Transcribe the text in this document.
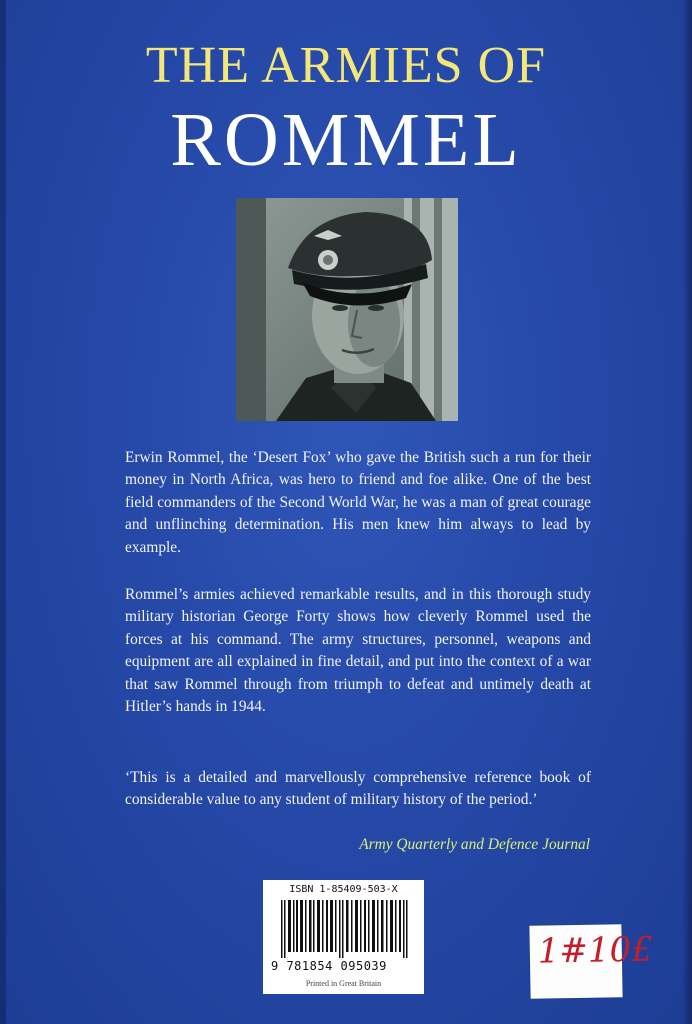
THE ARMIES OF
ROMMEL
Erwin Rommel, the ‘Desert Fox’ who gave the British such a run for their money in North Africa, was hero to friend and foe alike. One of the best field commanders of the Second World War, he was a man of great courage and unflinching determination. His men knew him always to lead by example.
Rommel’s armies achieved remarkable results, and in this thorough study military historian George Forty shows how cleverly Rommel used the forces at his command. The army structures, personnel, weapons and equipment are all explained in fine detail, and put into the context of a war that saw Rommel through from triumph to defeat and untimely death at Hitler’s hands in 1944.
‘This is a detailed and marvellously comprehensive reference book of considerable value to any student of military history of the period.’
Army Quarterly and Defence Journal
ISBN 1-85409-503-X
9 781854 095039
Printed in Great Britain
1#10£
